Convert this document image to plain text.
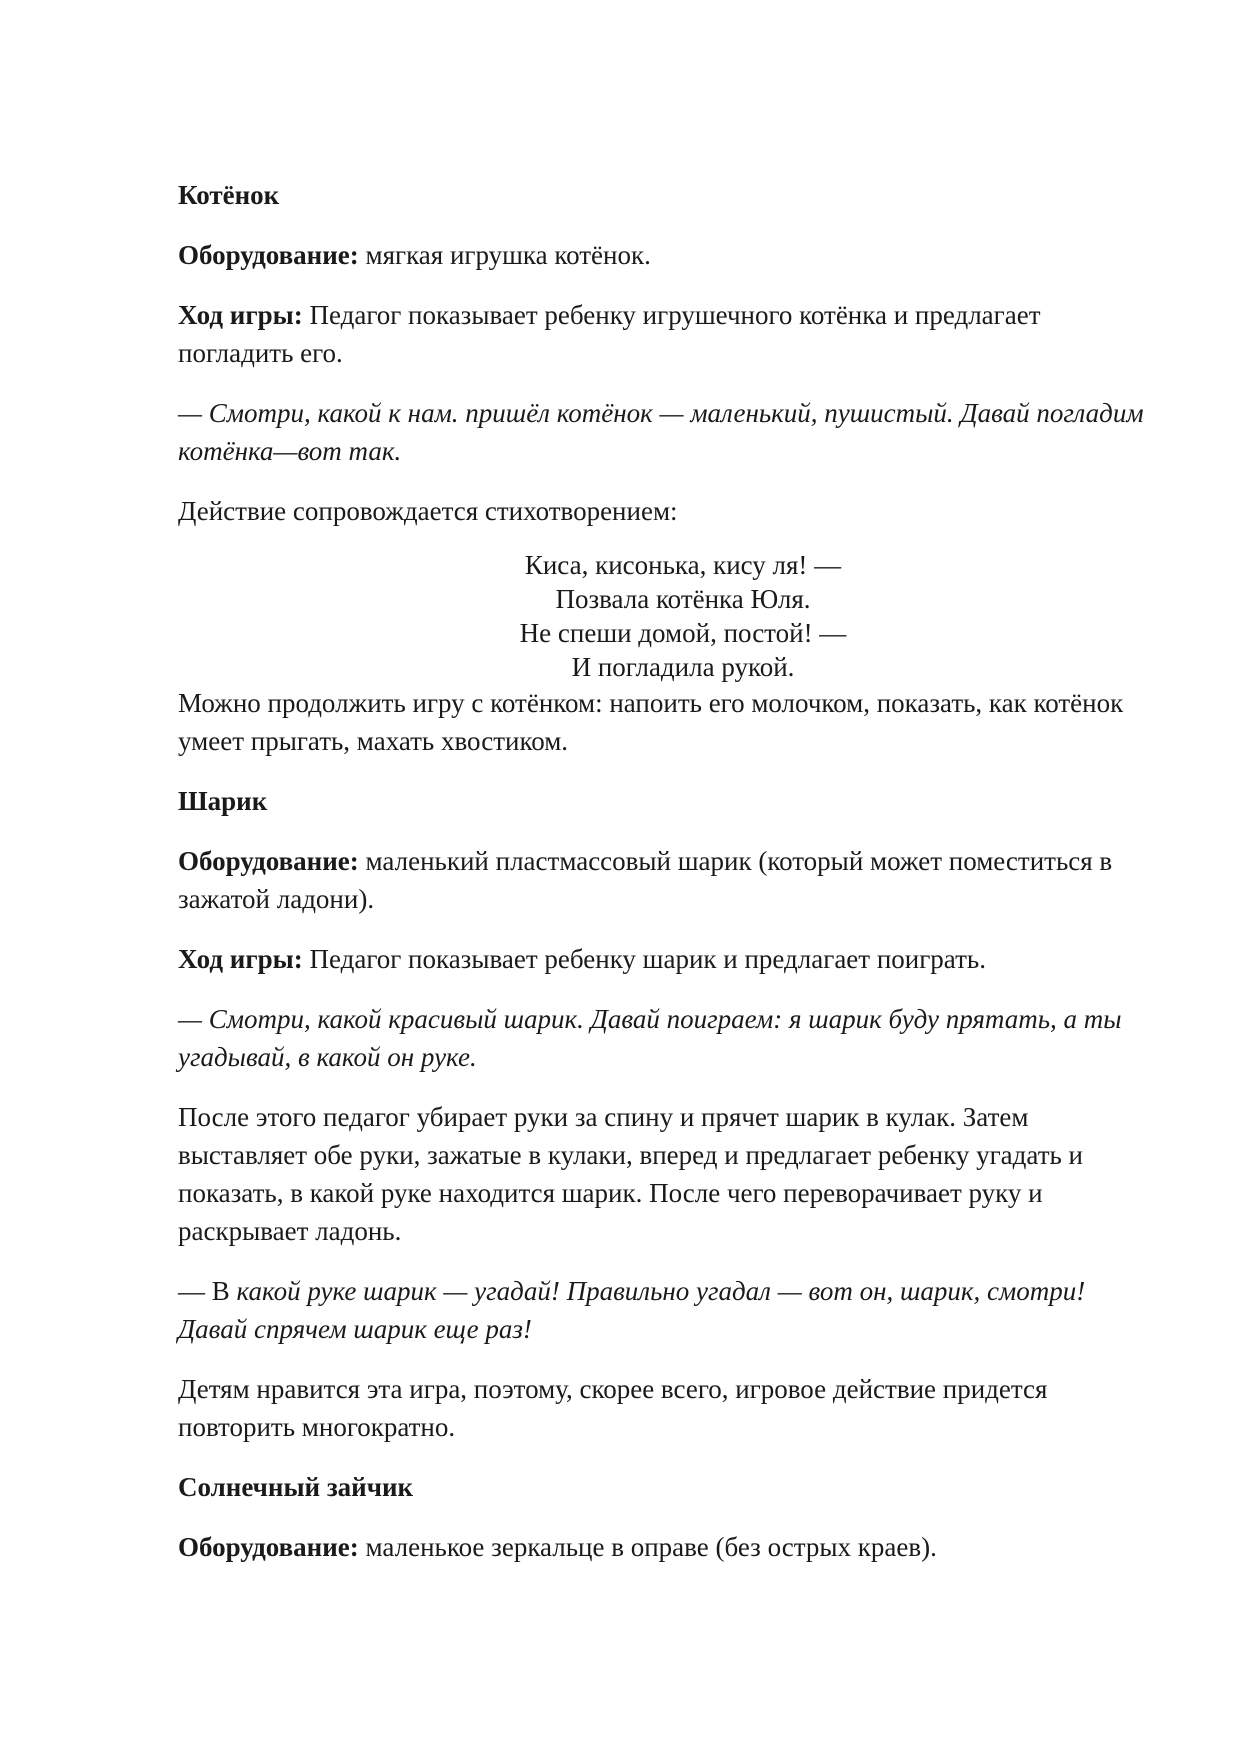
Котёнок

Оборудование: мягкая игрушка котёнок.

Ход игры: Педагог показывает ребенку игрушечного котёнка и предлагает погладить его.

— Смотри, какой к нам. пришёл котёнок — маленький, пушистый. Давай погладим котёнка—вот так.

Действие сопровождается стихотворением:

Киса, кисонька, кису ля! —
Позвала котёнка Юля.
Не спеши домой, постой! —
И погладила рукой.

Можно продолжить игру с котёнком: напоить его молочком, показать, как котёнок умеет прыгать, махать хвостиком.

Шарик

Оборудование: маленький пластмассовый шарик (который может поместиться в зажатой ладони).

Ход игры: Педагог показывает ребенку шарик и предлагает поиграть.

— Смотри, какой красивый шарик. Давай поиграем: я шарик буду прятать, а ты угадывай, в какой он руке.

После этого педагог убирает руки за спину и прячет шарик в кулак. Затем выставляет обе руки, зажатые в кулаки, вперед и предлагает ребенку угадать и показать, в какой руке находится шарик. После чего переворачивает руку и раскрывает ладонь.

— В какой руке шарик — угадай! Правильно угадал — вот он, шарик, смотри! Давай спрячем шарик еще раз!

Детям нравится эта игра, поэтому, скорее всего, игровое действие придется повторить многократно.

Солнечный зайчик

Оборудование: маленькое зеркальце в оправе (без острых краев).
